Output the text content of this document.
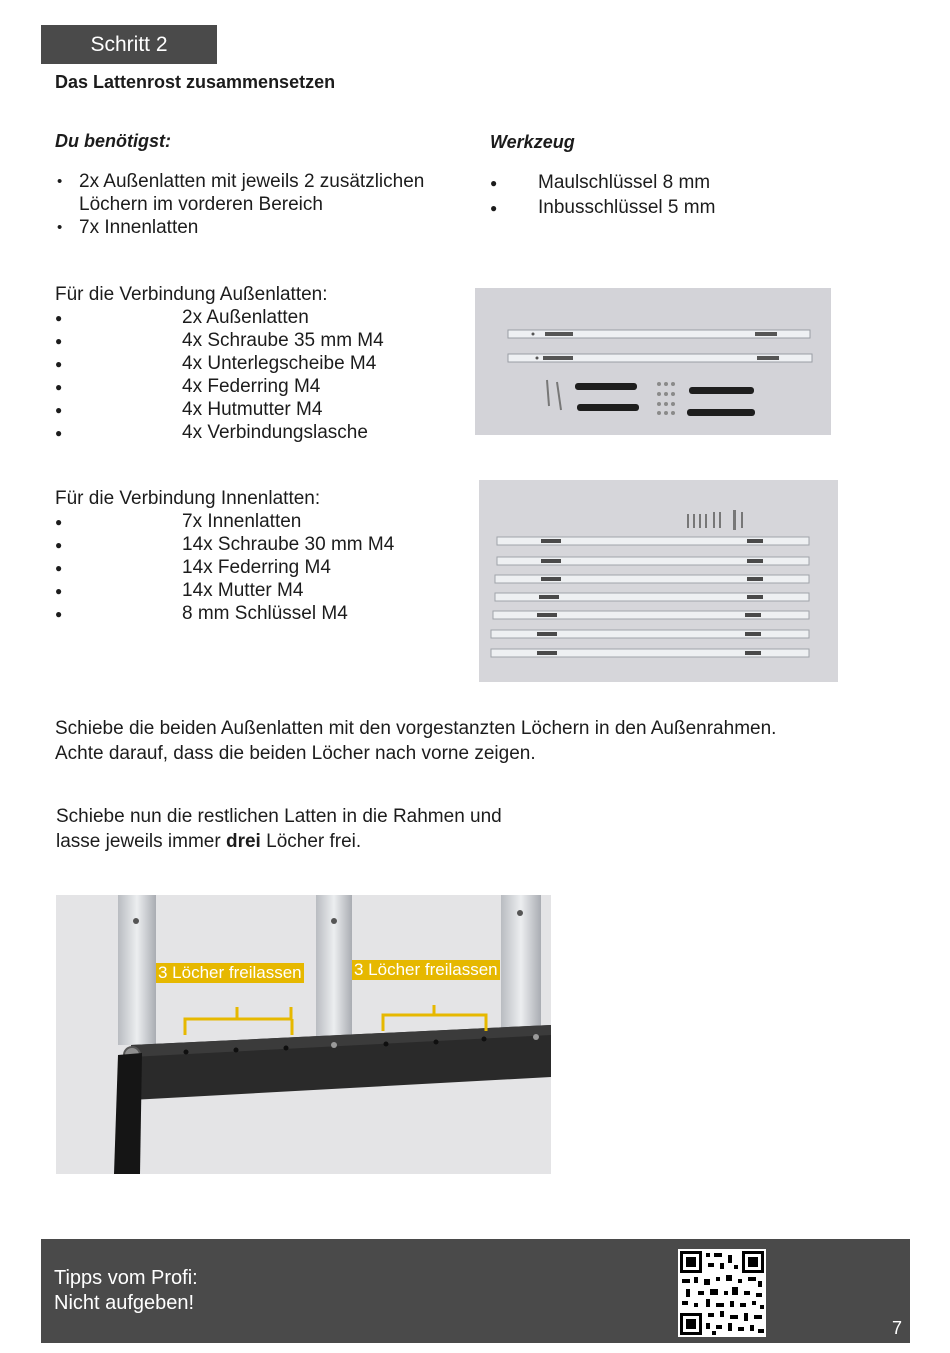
Schritt 2
Das Lattenrost zusammensetzen
Du benötigst:
• 2x Außenlatten mit jeweils 2 zusätzlichen Löchern im vorderen Bereich
• 7x Innenlatten
Werkzeug
● Maulschlüssel 8 mm
● Inbusschlüssel 5 mm
Für die Verbindung Außenlatten:
● 2x Außenlatten
● 4x Schraube 35 mm M4
● 4x Unterlegscheibe M4
● 4x Federring M4
● 4x Hutmutter M4
● 4x Verbindungslasche
Für die Verbindung Innenlatten:
● 7x Innenlatten
● 14x Schraube 30 mm M4
● 14x Federring M4
● 14x Mutter M4
● 8 mm Schlüssel M4
Schiebe die beiden Außenlatten mit den vorgestanzten Löchern in den Außenrahmen.
Achte darauf, dass die beiden Löcher nach vorne zeigen.
Schiebe nun die restlichen Latten in die Rahmen und
lasse jeweils immer drei Löcher frei.
3 Löcher freilassen	3 Löcher freilassen
Tipps vom Profi:
Nicht aufgeben!
7
